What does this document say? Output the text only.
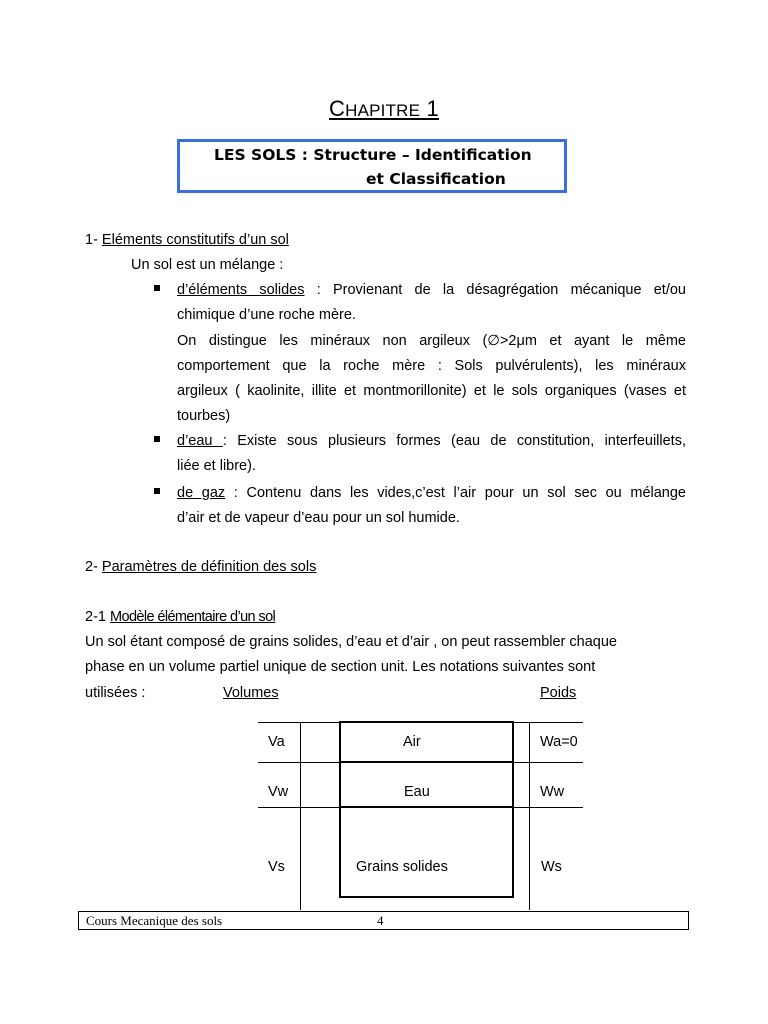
CHAPITRE 1
LES SOLS : Structure – Identification
et Classification
1- Eléments constitutifs d’un sol
Un sol est un mélange :
d’éléments solides : Provienant de la désagrégation mécanique et/ou
chimique d’une roche mère.
On distingue les minéraux non argileux (∅>2μm et ayant le même
comportement que la roche mère : Sols pulvérulents), les minéraux
argileux ( kaolinite, illite et montmorillonite) et le sols organiques (vases et
tourbes)
d’eau : Existe sous plusieurs formes (eau de constitution, interfeuillets,
liée et libre).
de gaz : Contenu dans les vides,c’est l’air pour un sol sec ou mélange
d’air et de vapeur d’eau pour un sol humide.
2- Paramètres de définition des sols
2-1 Modèle élémentaire d’un sol
Un sol étant composé de grains solides, d’eau et d’air , on peut rassembler chaque
phase en un volume partiel unique de section unit. Les notations suivantes sont
utilisées :	Volumes	Poids
Va	Air	Wa=0
Vw	Eau	Ww
Vs	Grains solides	Ws
Cours Mecanique des sols	4
